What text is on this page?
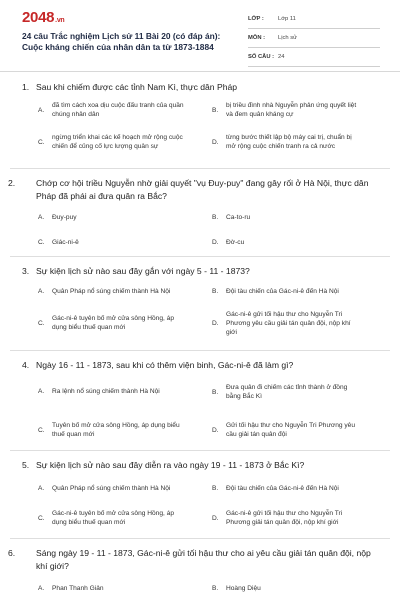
2048.vn
24 câu Trắc nghiệm Lịch sử 11 Bài 20 (có đáp án): Cuộc kháng chiến của nhân dân ta từ 1873-1884
LỚP :	Lớp 11
MÔN :	Lịch sử
SỐ CÂU : 24
1. Sau khi chiếm được các tỉnh Nam Kì, thực dân Pháp
A.
đã tìm cách xoa dịu cuộc đấu tranh của quần chúng nhân dân
B.
bị triều đình nhà Nguyễn phản ứng quyết liệt và đem quân kháng cự
C.
ngừng triển khai các kế hoạch mở rộng cuộc chiến để củng cố lực lượng quân sự
D.
từng bước thiết lập bộ máy cai trị, chuẩn bị mở rộng cuộc chiến tranh ra cả nước
2. Chớp cơ hội triều Nguyễn nhờ giải quyết "vụ Đuy-puy" đang gây rối ở Hà Nội, thực dân Pháp đã phái ai đưa quân ra Bắc?
A.	Đuy-puy	B.	Ca-to-ru
C.	Giác-ni-ê	D.	Đờ-cu
3. Sự kiện lịch sử nào sau đây gắn với ngày 5 - 11 - 1873?
A.	Quân Pháp nổ súng chiếm thành Hà Nội	B.	Đội tàu chiến của Gác-ni-ê đến Hà Nội
C.
Gác-ni-ê tuyên bố mở cửa sông Hồng, áp dụng biểu thuế quan mới
D.
Gác-ni-ê gửi tối hậu thư cho Nguyễn Tri Phương yêu cầu giải tán quân đội, nộp khí giới
4. Ngày 16 - 11 - 1873, sau khi có thêm viện binh, Gác-ni-ê đã làm gì?
A.	Ra lệnh nổ súng chiếm thành Hà Nội	B.
Đưa quân đi chiếm các tỉnh thành ở đồng bằng Bắc Kì
C.
Tuyên bố mở cửa sông Hồng, áp dụng biểu thuế quan mới
D.
Gửi tối hậu thư cho Nguyễn Tri Phương yêu cầu giải tán quân đội
5. Sự kiện lịch sử nào sau đây diễn ra vào ngày 19 - 11 - 1873 ở Bắc Kì?
A.	Quân Pháp nổ súng chiếm thành Hà Nội	B.	Đội tàu chiến của Gác-ni-ê đến Hà Nội
C.
Gác-ni-ê tuyên bố mở cửa sông Hồng, áp dụng biểu thuế quan mới
D.
Gác-ni-ê gửi tối hậu thư cho Nguyễn Tri Phương giải tán quân đội, nộp khí giới
6. Sáng ngày 19 - 11 - 1873, Gác-ni-ê gửi tối hậu thư cho ai yêu cầu giải tán quân đội, nộp khí giới?
A.	Phan Thanh Giản	B.	Hoàng Diệu
